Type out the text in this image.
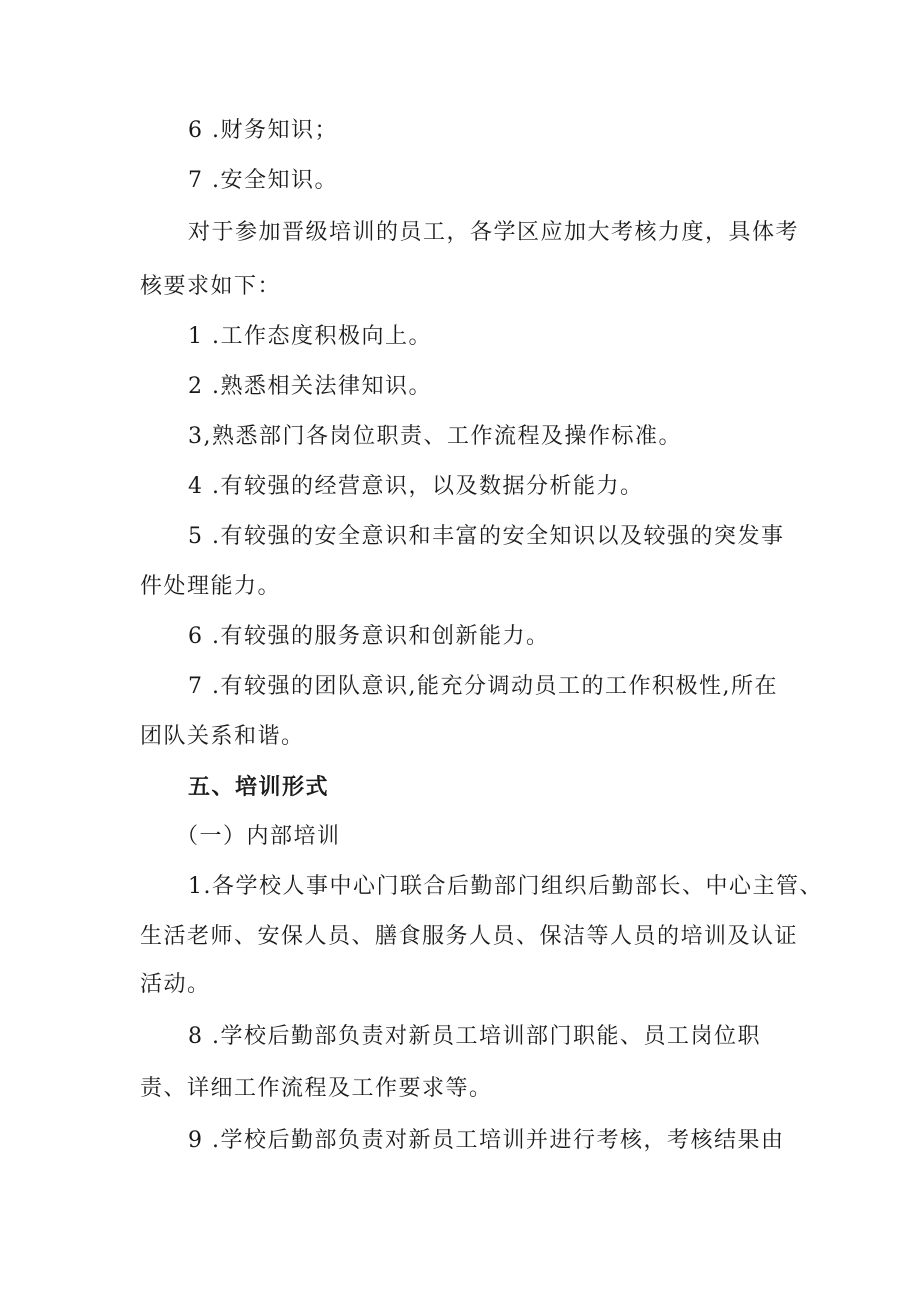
6 .财务知识；
7 .安全知识。
对于参加晋级培训的员工，各学区应加大考核力度，具体考
核要求如下：
1 .工作态度积极向上。
2 .熟悉相关法律知识。
3,熟悉部门各岗位职责、工作流程及操作标准。
4 .有较强的经营意识，以及数据分析能力。
5 .有较强的安全意识和丰富的安全知识以及较强的突发事
件处理能力。
6 .有较强的服务意识和创新能力。
7 .有较强的团队意识,能充分调动员工的工作积极性,所在
团队关系和谐。
五、培训形式
（一）内部培训
1.各学校人事中心门联合后勤部门组织后勤部长、中心主管、
生活老师、安保人员、膳食服务人员、保洁等人员的培训及认证
活动。
8 .学校后勤部负责对新员工培训部门职能、员工岗位职
责、详细工作流程及工作要求等。
9 .学校后勤部负责对新员工培训并进行考核，考核结果由
